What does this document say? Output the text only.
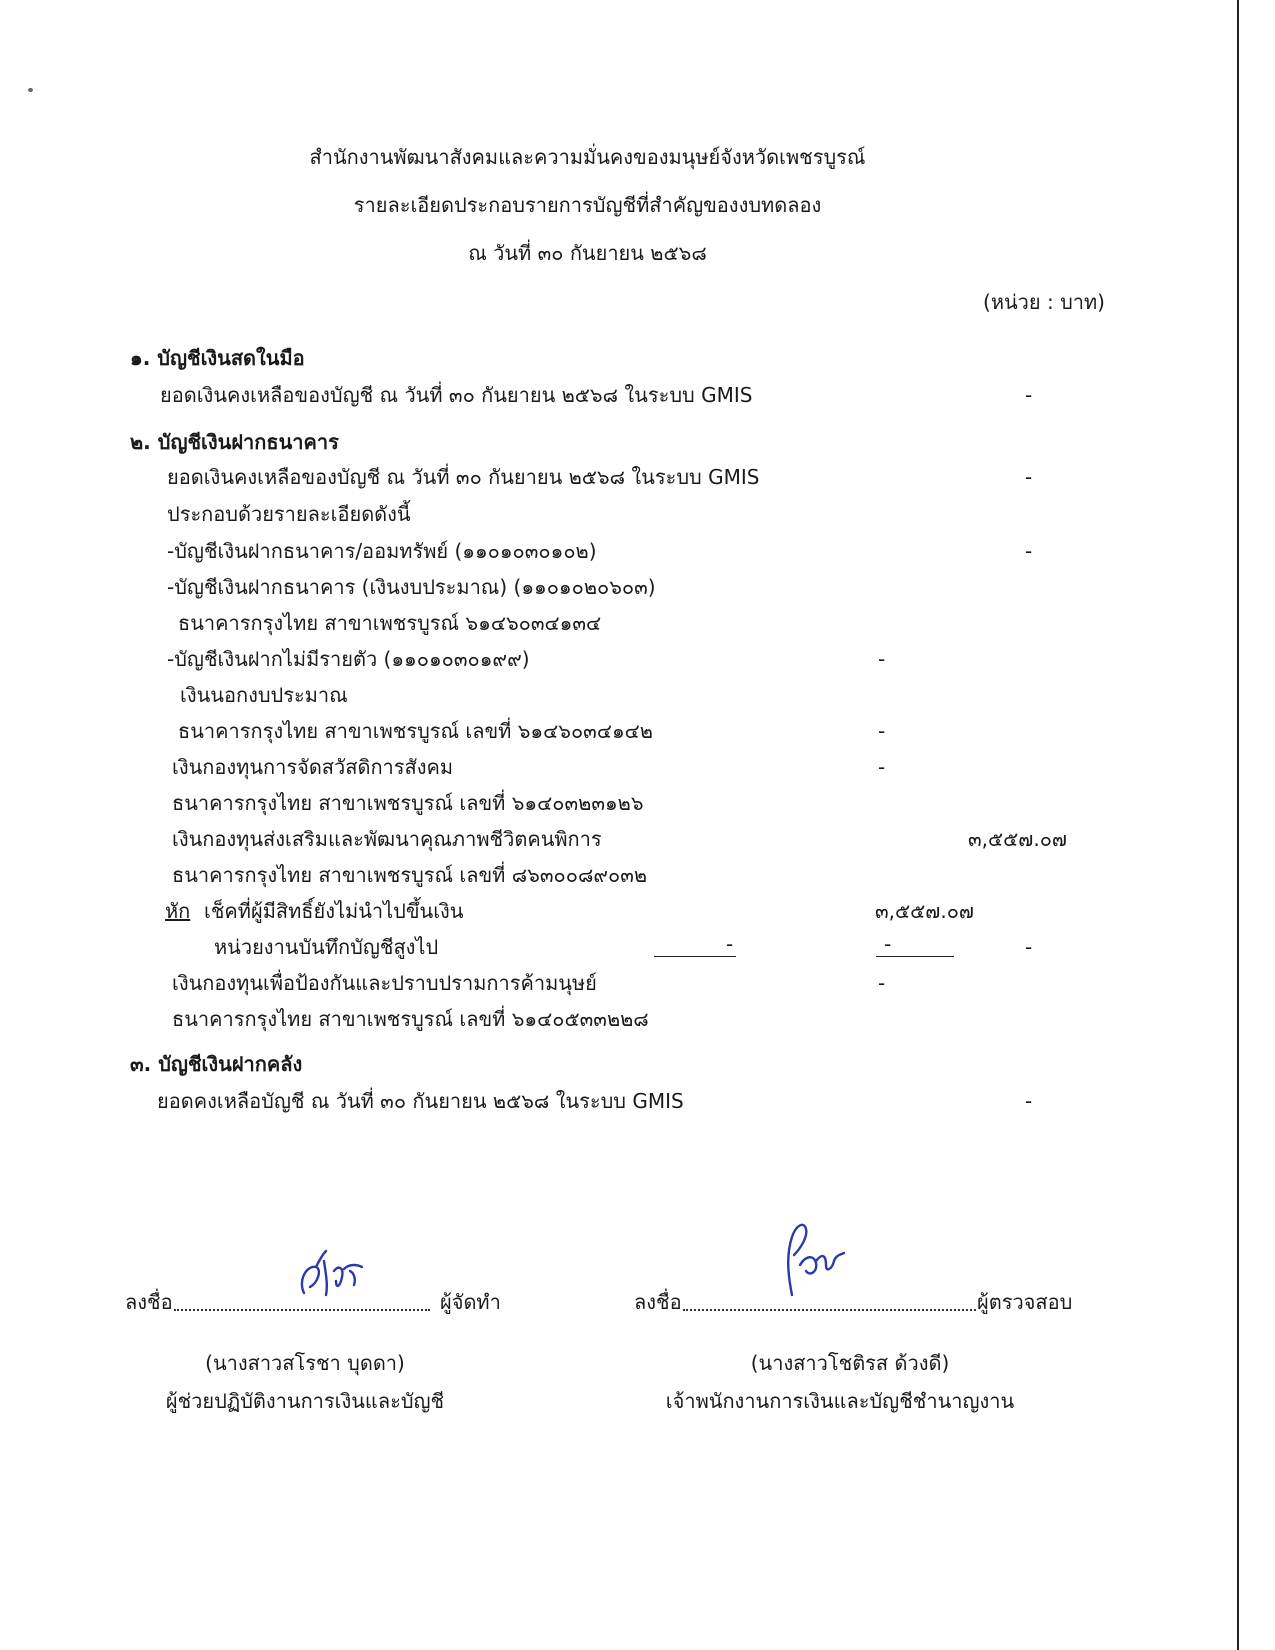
สำนักงานพัฒนาสังคมและความมั่นคงของมนุษย์จังหวัดเพชรบูรณ์
รายละเอียดประกอบรายการบัญชีที่สำคัญของงบทดลอง
ณ วันที่ ๓๐ กันยายน ๒๕๖๘
(หน่วย : บาท)
๑. บัญชีเงินสดในมือ
ยอดเงินคงเหลือของบัญชี ณ วันที่ ๓๐ กันยายน ๒๕๖๘ ในระบบ GMIS	-
๒. บัญชีเงินฝากธนาคาร
ยอดเงินคงเหลือของบัญชี ณ วันที่ ๓๐ กันยายน ๒๕๖๘ ในระบบ GMIS	-
ประกอบด้วยรายละเอียดดังนี้
-บัญชีเงินฝากธนาคาร/ออมทรัพย์ (๑๑๐๑๐๓๐๑๐๒)	-
-บัญชีเงินฝากธนาคาร (เงินงบประมาณ) (๑๑๐๑๐๒๐๖๐๓)
ธนาคารกรุงไทย สาขาเพชรบูรณ์ ๖๑๔๖๐๓๔๑๓๔
-บัญชีเงินฝากไม่มีรายตัว (๑๑๐๑๐๓๐๑๙๙)	-
เงินนอกงบประมาณ
ธนาคารกรุงไทย สาขาเพชรบูรณ์ เลขที่ ๖๑๔๖๐๓๔๑๔๒	-
เงินกองทุนการจัดสวัสดิการสังคม	-
ธนาคารกรุงไทย สาขาเพชรบูรณ์ เลขที่ ๖๑๔๐๓๒๓๑๒๖
เงินกองทุนส่งเสริมและพัฒนาคุณภาพชีวิตคนพิการ	๓,๕๕๗.๐๗
ธนาคารกรุงไทย สาขาเพชรบูรณ์ เลขที่ ๘๖๓๐๐๘๙๐๓๒
หัก เช็คที่ผู้มีสิทธิ์ยังไม่นำไปขึ้นเงิน	๓,๕๕๗.๐๗
หน่วยงานบันทึกบัญชีสูงไป	-	-	-
เงินกองทุนเพื่อป้องกันและปราบปรามการค้ามนุษย์	-
ธนาคารกรุงไทย สาขาเพชรบูรณ์ เลขที่ ๖๑๔๐๕๓๓๒๒๘
๓. บัญชีเงินฝากคลัง
ยอดคงเหลือบัญชี ณ วันที่ ๓๐ กันยายน ๒๕๖๘ ในระบบ GMIS	-
ลงชื่อ	ผู้จัดทำ
(นางสาวสโรชา บุดดา)
ผู้ช่วยปฏิบัติงานการเงินและบัญชี
ลงชื่อ	ผู้ตรวจสอบ
(นางสาวโชติรส ด้วงดี)
เจ้าพนักงานการเงินและบัญชีชำนาญงาน
